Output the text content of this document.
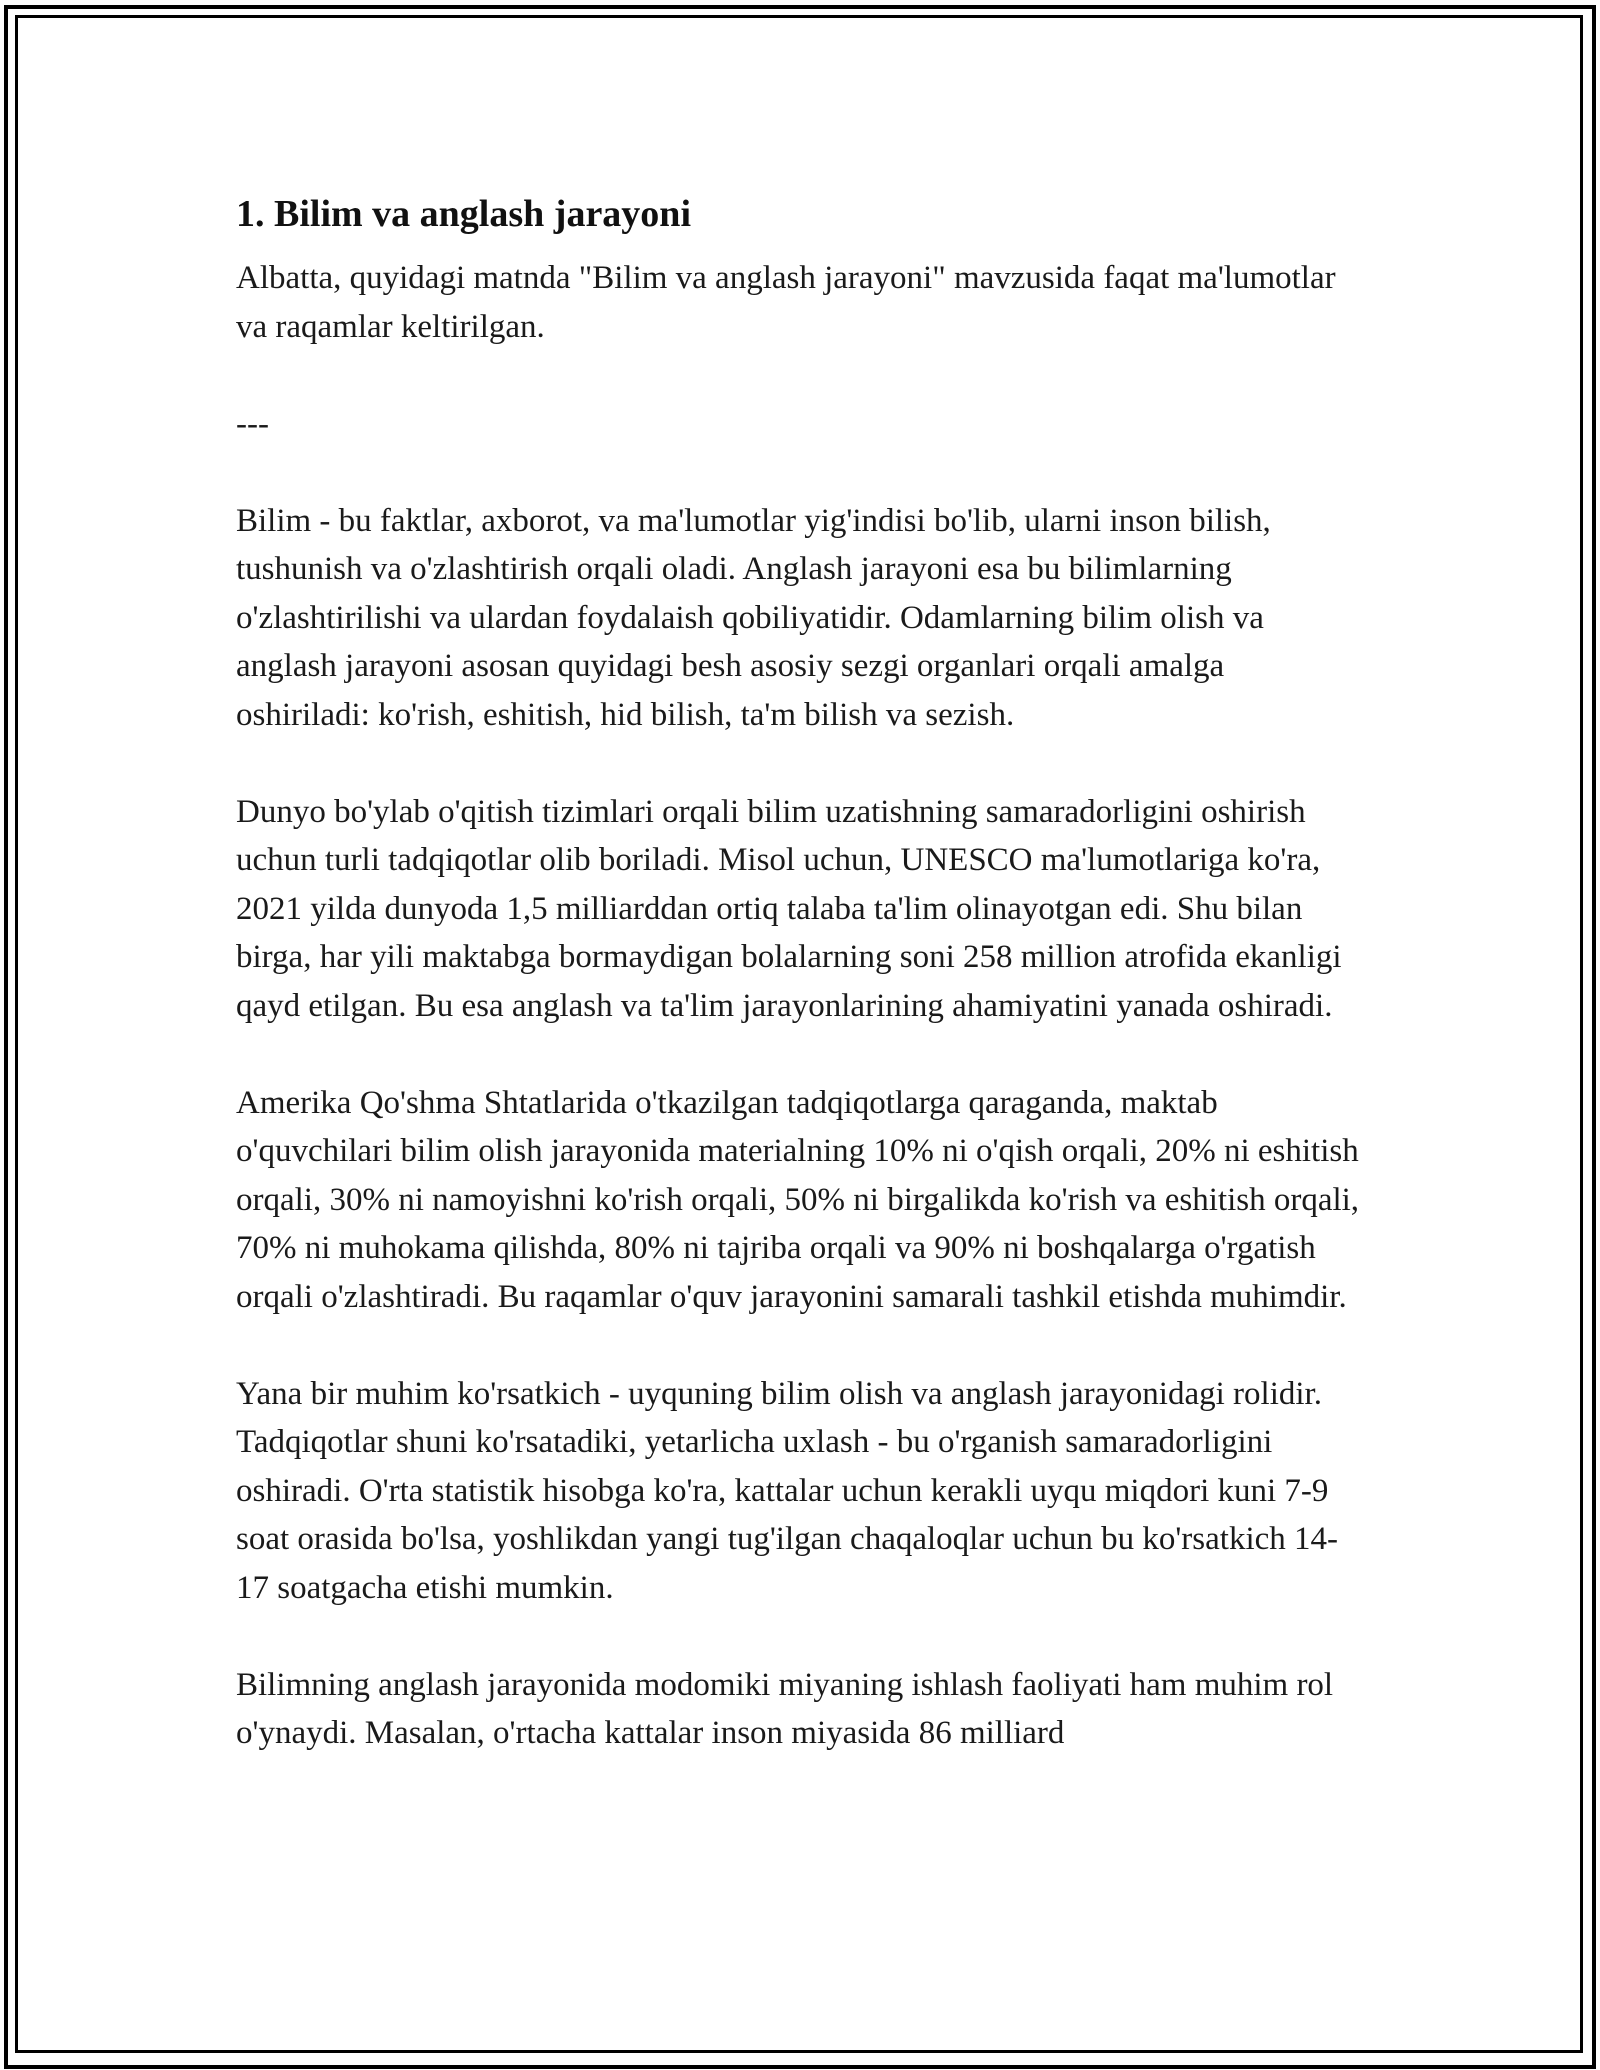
1. Bilim va anglash jarayoni

Albatta, quyidagi matnda "Bilim va anglash jarayoni" mavzusida faqat ma'lumotlar va raqamlar keltirilgan.

---

Bilim - bu faktlar, axborot, va ma'lumotlar yig'indisi bo'lib, ularni inson bilish, tushunish va o'zlashtirish orqali oladi. Anglash jarayoni esa bu bilimlarning o'zlashtirilishi va ulardan foydalaish qobiliyatidir. Odamlarning bilim olish va anglash jarayoni asosan quyidagi besh asosiy sezgi organlari orqali amalga oshiriladi: ko'rish, eshitish, hid bilish, ta'm bilish va sezish.

Dunyo bo'ylab o'qitish tizimlari orqali bilim uzatishning samaradorligini oshirish uchun turli tadqiqotlar olib boriladi. Misol uchun, UNESCO ma'lumotlariga ko'ra, 2021 yilda dunyoda 1,5 milliarddan ortiq talaba ta'lim olinayotgan edi. Shu bilan birga, har yili maktabga bormaydigan bolalarning soni 258 million atrofida ekanligi qayd etilgan. Bu esa anglash va ta'lim jarayonlarining ahamiyatini yanada oshiradi.

Amerika Qo'shma Shtatlarida o'tkazilgan tadqiqotlarga qaraganda, maktab o'quvchilari bilim olish jarayonida materialning 10% ni o'qish orqali, 20% ni eshitish orqali, 30% ni namoyishni ko'rish orqali, 50% ni birgalikda ko'rish va eshitish orqali, 70% ni muhokama qilishda, 80% ni tajriba orqali va 90% ni boshqalarga o'rgatish orqali o'zlashtiradi. Bu raqamlar o'quv jarayonini samarali tashkil etishda muhimdir.

Yana bir muhim ko'rsatkich - uyquning bilim olish va anglash jarayonidagi rolidir. Tadqiqotlar shuni ko'rsatadiki, yetarlicha uxlash - bu o'rganish samaradorligini oshiradi. O'rta statistik hisobga ko'ra, kattalar uchun kerakli uyqu miqdori kuni 7-9 soat orasida bo'lsa, yoshlikdan yangi tug'ilgan chaqaloqlar uchun bu ko'rsatkich 14-17 soatgacha etishi mumkin.

Bilimning anglash jarayonida modomiki miyaning ishlash faoliyati ham muhim rol o'ynaydi. Masalan, o'rtacha kattalar inson miyasida 86 milliard
